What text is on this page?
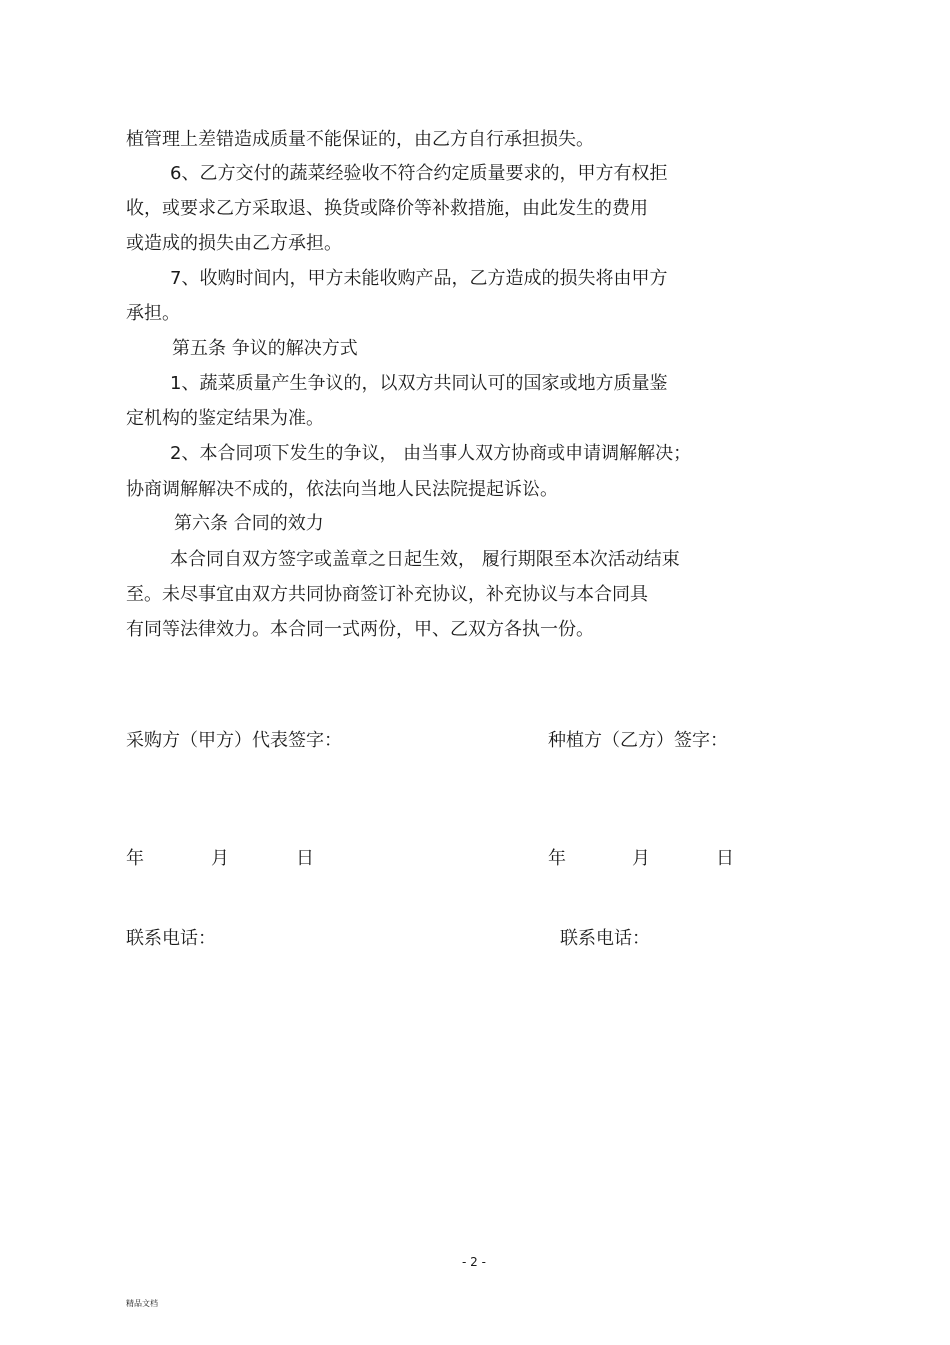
植管理上差错造成质量不能保证的，由乙方自行承担损失。
6、乙方交付的蔬菜经验收不符合约定质量要求的，甲方有权拒
收，或要求乙方采取退、换货或降价等补救措施，由此发生的费用
或造成的损失由乙方承担。
7、收购时间内，甲方未能收购产品，乙方造成的损失将由甲方
承担。
第五条 争议的解决方式
1、蔬菜质量产生争议的，以双方共同认可的国家或地方质量鉴
定机构的鉴定结果为准。
2、本合同项下发生的争议， 由当事人双方协商或申请调解解决；
协商调解解决不成的，依法向当地人民法院提起诉讼。
第六条 合同的效力
本合同自双方签字或盖章之日起生效， 履行期限至本次活动结束
至。未尽事宜由双方共同协商签订补充协议，补充协议与本合同具
有同等法律效力。本合同一式两份，甲、乙双方各执一份。
采购方（甲方）代表签字：	种植方（乙方）签字：
年	月	日	年	月	日
联系电话：	联系电话：
- 2 -
精品文档
